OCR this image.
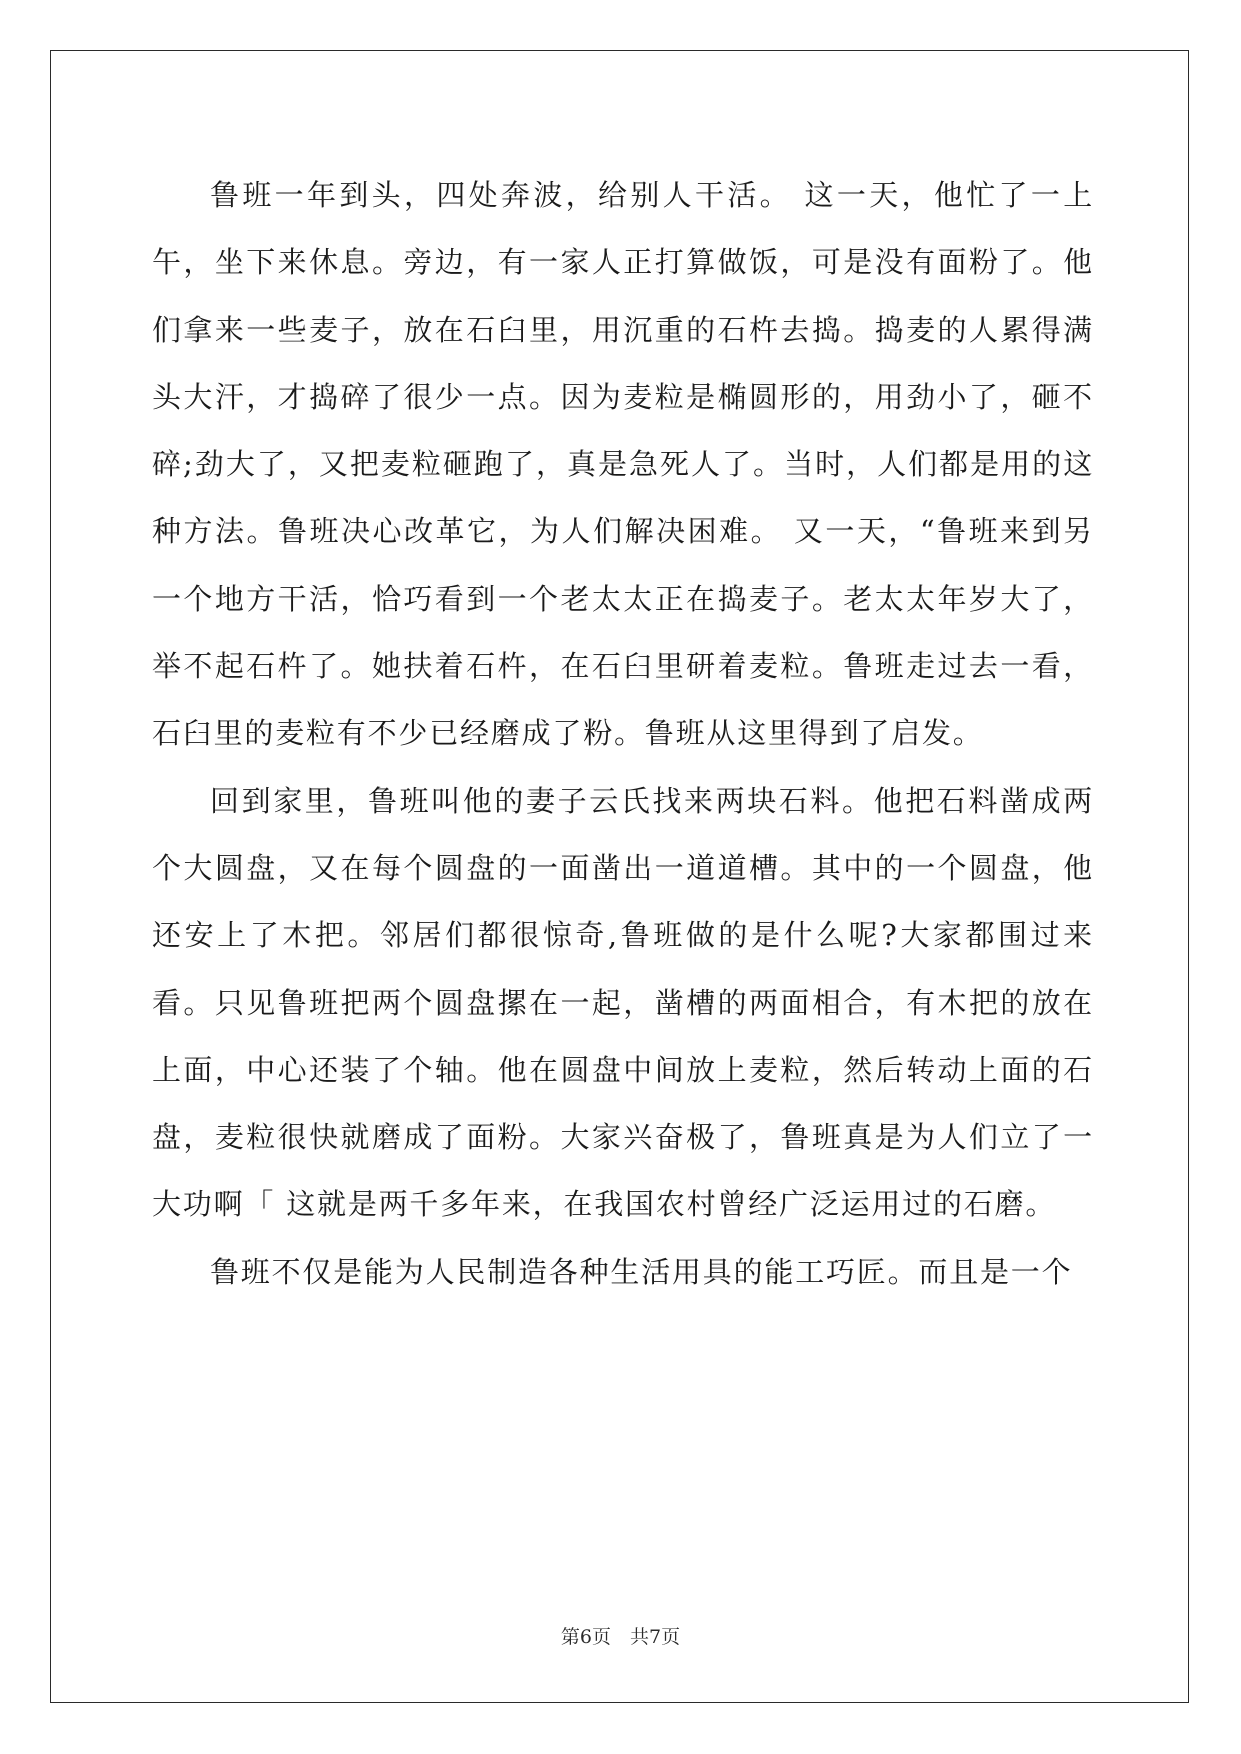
鲁班一年到头，四处奔波，给别人干活。 这一天，他忙了一上午，坐下来休息。旁边，有一家人正打算做饭，可是没有面粉了。他们拿来一些麦子，放在石臼里，用沉重的石杵去捣。捣麦的人累得满头大汗，才捣碎了很少一点。因为麦粒是椭圆形的，用劲小了，砸不碎;劲大了，又把麦粒砸跑了，真是急死人了。当时，人们都是用的这种方法。鲁班决心改革它，为人们解决困难。 又一天，“鲁班来到另一个地方干活，恰巧看到一个老太太正在捣麦子。老太太年岁大了，举不起石杵了。她扶着石杵，在石臼里研着麦粒。鲁班走过去一看，石臼里的麦粒有不少已经磨成了粉。鲁班从这里得到了启发。

回到家里，鲁班叫他的妻子云氏找来两块石料。他把石料凿成两个大圆盘，又在每个圆盘的一面凿出一道道槽。其中的一个圆盘，他还安上了木把。邻居们都很惊奇,鲁班做的是什么呢?大家都围过来看。只见鲁班把两个圆盘摞在一起，凿槽的两面相合，有木把的放在上面，中心还装了个轴。他在圆盘中间放上麦粒，然后转动上面的石盘，麦粒很快就磨成了面粉。大家兴奋极了，鲁班真是为人们立了一大功啊「 这就是两千多年来，在我国农村曾经广泛运用过的石磨。

鲁班不仅是能为人民制造各种生活用具的能工巧匠。而且是一个

第6页　共7页
